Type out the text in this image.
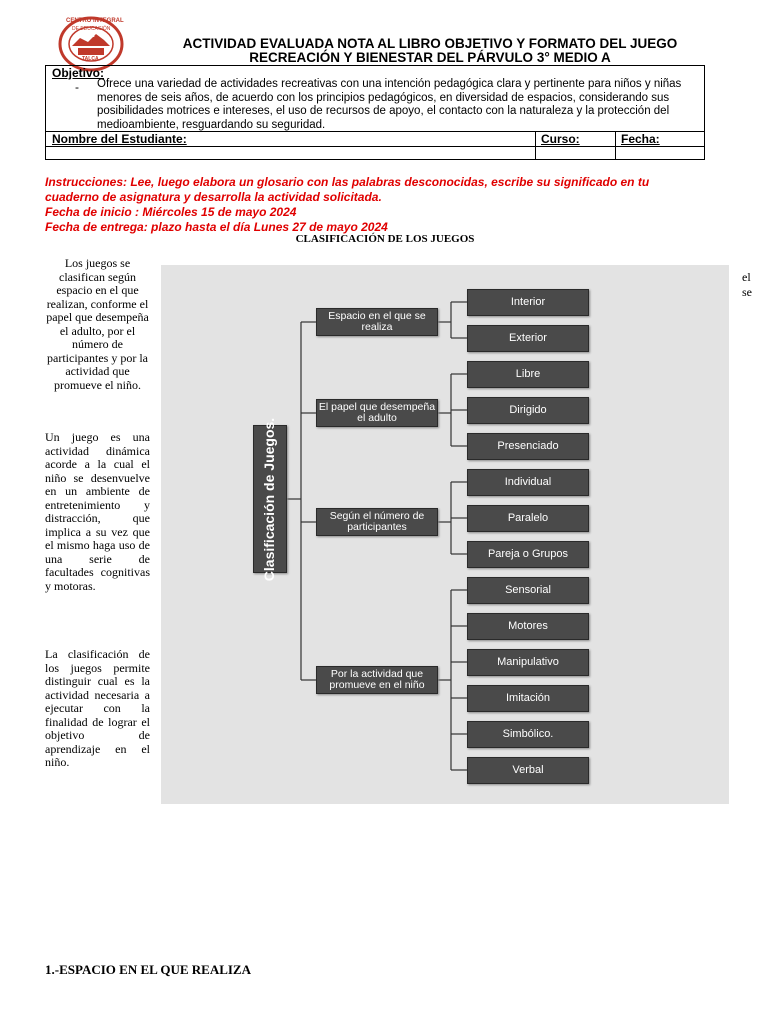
CENTRO INTEGRAL
DE EDUCACIÓN
CIET
TALCA
ACTIVIDAD EVALUADA NOTA AL LIBRO OBJETIVO Y FORMATO DEL JUEGO
RECREACIÓN Y BIENESTAR DEL PÁRVULO 3° MEDIO A
Objetivo:
- Ofrece una variedad de actividades recreativas con una intención pedagógica clara y pertinente para niños y niñas menores de seis años, de acuerdo con los principios pedagógicos, en diversidad de espacios, considerando sus posibilidades motrices e intereses, el uso de recursos de apoyo, el contacto con la naturaleza y la protección del medioambiente, resguardando su seguridad.
Nombre del Estudiante:	Curso:	Fecha:
Instrucciones: Lee, luego elabora un glosario con las palabras desconocidas, escribe su significado en tu
cuaderno de asignatura y desarrolla la actividad solicitada.
Fecha de inicio : Miércoles 15 de mayo 2024
Fecha de entrega: plazo hasta el día Lunes 27 de mayo 2024
CLASIFICACIÓN DE LOS JUEGOS
Los juegos se clasifican según espacio en el que realizan, conforme el papel que desempeña el adulto, por el número de participantes y por la actividad que promueve el niño.
Un juego es una actividad dinámica acorde a la cual el niño se desenvuelve en un ambiente de entretenimiento y distracción, que implica a su vez que el mismo haga uso de una serie de facultades cognitivas y motoras.
La clasificación de los juegos permite distinguir cual es la actividad necesaria a ejecutar con la finalidad de lograr el objetivo de aprendizaje en el niño.
el
se
Clasificación de Juegos.
Espacio en el que se realiza
El papel que desempeña el adulto
Según el número de participantes
Por la actividad que promueve en el niño
Interior
Exterior
Libre
Dirigido
Presenciado
Individual
Paralelo
Pareja o Grupos
Sensorial
Motores
Manipulativo
Imitación
Simbólico.
Verbal
1.-ESPACIO EN EL QUE REALIZA
